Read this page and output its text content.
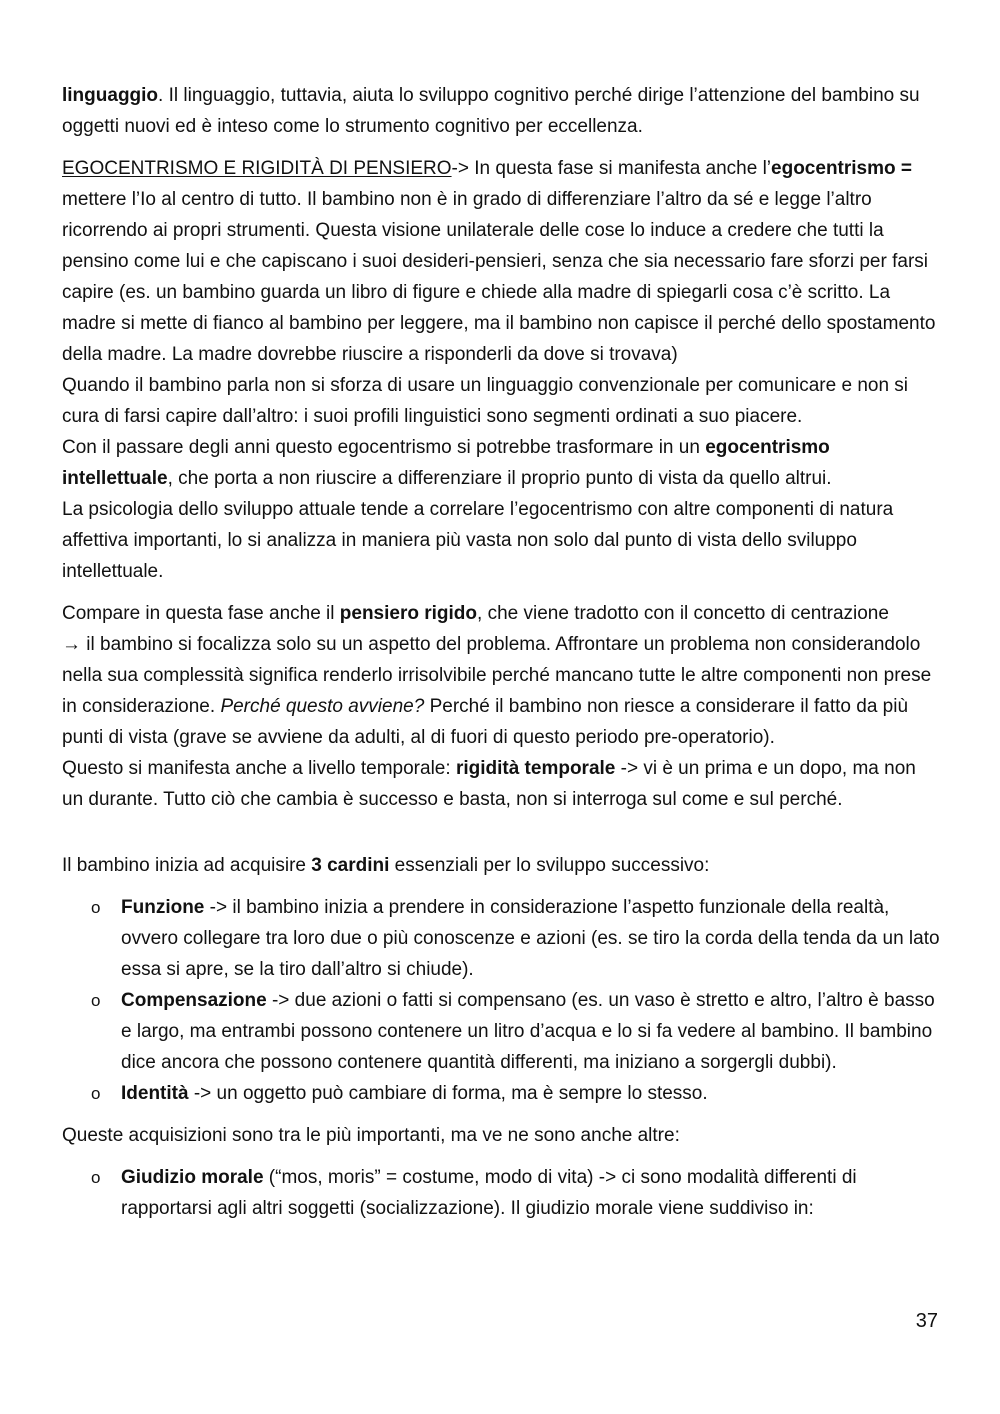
linguaggio. Il linguaggio, tuttavia, aiuta lo sviluppo cognitivo perché dirige l’attenzione del bambino su oggetti nuovi ed è inteso come lo strumento cognitivo per eccellenza.

EGOCENTRISMO E RIGIDITÀ DI PENSIERO-> In questa fase si manifesta anche l’egocentrismo = mettere l’Io al centro di tutto. Il bambino non è in grado di differenziare l’altro da sé e legge l’altro ricorrendo ai propri strumenti. Questa visione unilaterale delle cose lo induce a credere che tutti la pensino come lui e che capiscano i suoi desideri-pensieri, senza che sia necessario fare sforzi per farsi capire (es. un bambino guarda un libro di figure e chiede alla madre di spiegarli cosa c’è scritto. La madre si mette di fianco al bambino per leggere, ma il bambino non capisce il perché dello spostamento della madre. La madre dovrebbe riuscire a risponderli da dove si trovava)

Quando il bambino parla non si sforza di usare un linguaggio convenzionale per comunicare e non si cura di farsi capire dall’altro: i suoi profili linguistici sono segmenti ordinati a suo piacere.

Con il passare degli anni questo egocentrismo si potrebbe trasformare in un egocentrismo intellettuale, che porta a non riuscire a differenziare il proprio punto di vista da quello altrui.

La psicologia dello sviluppo attuale tende a correlare l’egocentrismo con altre componenti di natura affettiva importanti, lo si analizza in maniera più vasta non solo dal punto di vista dello sviluppo intellettuale.

Compare in questa fase anche il pensiero rigido, che viene tradotto con il concetto di centrazione
→ il bambino si focalizza solo su un aspetto del problema. Affrontare un problema non considerandolo nella sua complessità significa renderlo irrisolvibile perché mancano tutte le altre componenti non prese in considerazione. Perché questo avviene? Perché il bambino non riesce a considerare il fatto da più punti di vista (grave se avviene da adulti, al di fuori di questo periodo pre-operatorio).

Questo si manifesta anche a livello temporale: rigidità temporale -> vi è un prima e un dopo, ma non un durante. Tutto ciò che cambia è successo e basta, non si interroga sul come e sul perché.

Il bambino inizia ad acquisire 3 cardini essenziali per lo sviluppo successivo:

o Funzione -> il bambino inizia a prendere in considerazione l’aspetto funzionale della realtà, ovvero collegare tra loro due o più conoscenze e azioni (es. se tiro la corda della tenda da un lato essa si apre, se la tiro dall’altro si chiude).
o Compensazione -> due azioni o fatti si compensano (es. un vaso è stretto e altro, l’altro è basso e largo, ma entrambi possono contenere un litro d’acqua e lo si fa vedere al bambino. Il bambino dice ancora che possono contenere quantità differenti, ma iniziano a sorgergli dubbi).
o Identità -> un oggetto può cambiare di forma, ma è sempre lo stesso.

Queste acquisizioni sono tra le più importanti, ma ve ne sono anche altre:

o Giudizio morale (“mos, moris” = costume, modo di vita) -> ci sono modalità differenti di rapportarsi agli altri soggetti (socializzazione). Il giudizio morale viene suddiviso in:
37
